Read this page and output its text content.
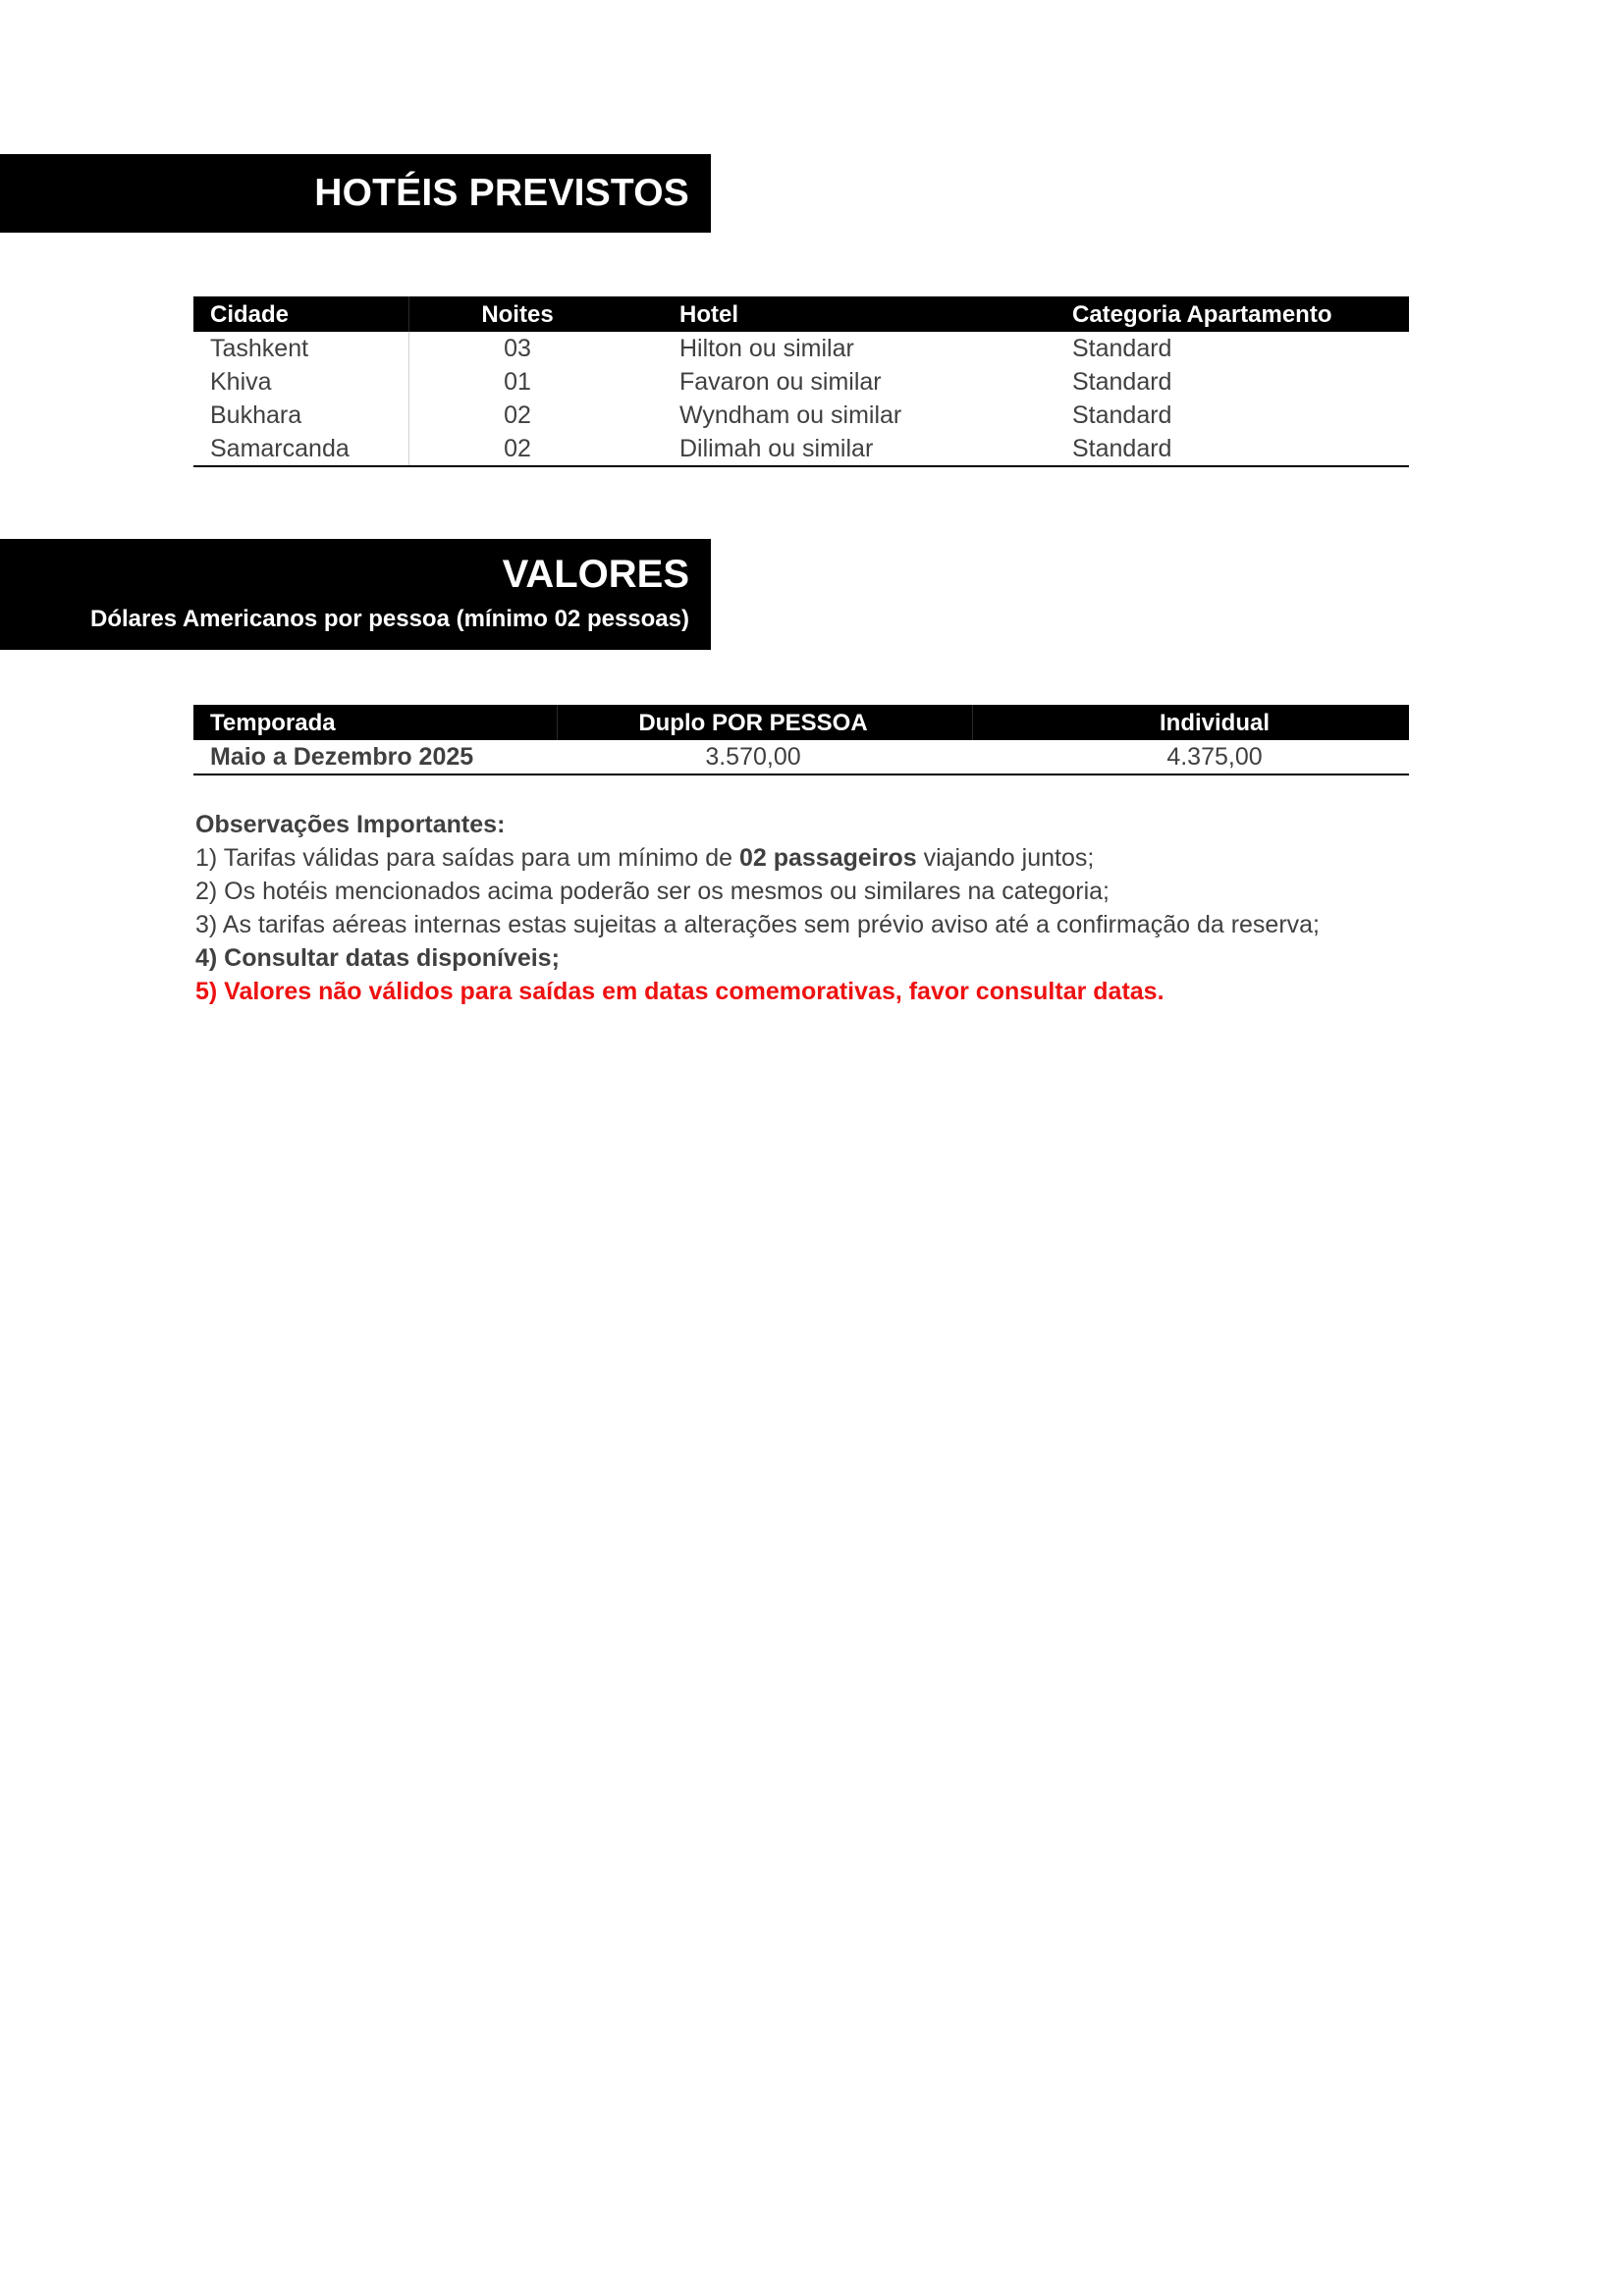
HOTÉIS PREVISTOS
Cidade	Noites	Hotel	Categoria Apartamento
Tashkent	03	Hilton ou similar	Standard
Khiva	01	Favaron ou similar	Standard
Bukhara	02	Wyndham ou similar	Standard
Samarcanda	02	Dilimah ou similar	Standard
VALORES
Dólares Americanos por pessoa (mínimo 02 pessoas)
Temporada	Duplo POR PESSOA	Individual
Maio a Dezembro 2025	3.570,00	4.375,00
Observações Importantes:
1) Tarifas válidas para saídas para um mínimo de 02 passageiros viajando juntos;
2) Os hotéis mencionados acima poderão ser os mesmos ou similares na categoria;
3) As tarifas aéreas internas estas sujeitas a alterações sem prévio aviso até a confirmação da reserva;
4) Consultar datas disponíveis;
5) Valores não válidos para saídas em datas comemorativas, favor consultar datas.
